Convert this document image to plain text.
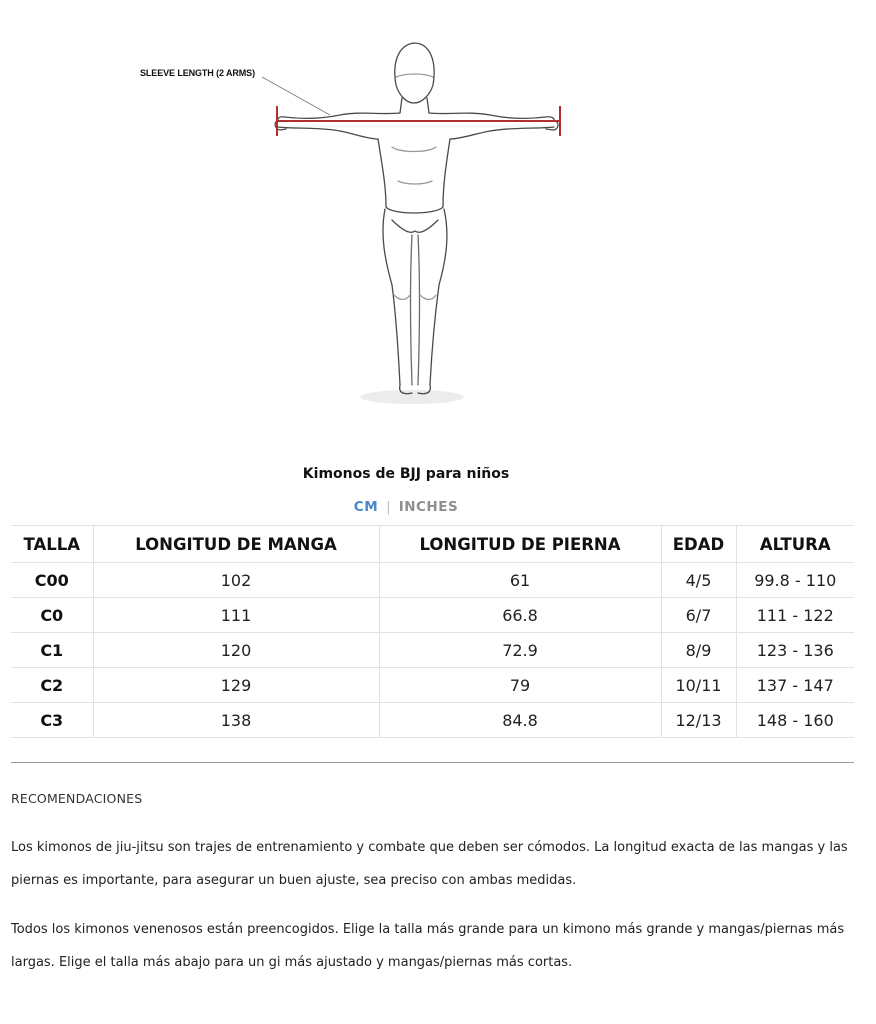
SLEEVE LENGTH (2 ARMS)
Kimonos de BJJ para niños
CM | INCHES
TALLA	LONGITUD DE MANGA	LONGITUD DE PIERNA	EDAD	ALTURA
C00	102	61	4/5	99.8 - 110
C0	111	66.8	6/7	111 - 122
C1	120	72.9	8/9	123 - 136
C2	129	79	10/11	137 - 147
C3	138	84.8	12/13	148 - 160
RECOMENDACIONES
Los kimonos de jiu-jitsu son trajes de entrenamiento y combate que deben ser cómodos. La longitud exacta de las mangas y las piernas es importante, para asegurar un buen ajuste, sea preciso con ambas medidas.
Todos los kimonos venenosos están preencogidos. Elige la talla más grande para un kimono más grande y mangas/piernas más largas. Elige el talla más abajo para un gi más ajustado y mangas/piernas más cortas.
